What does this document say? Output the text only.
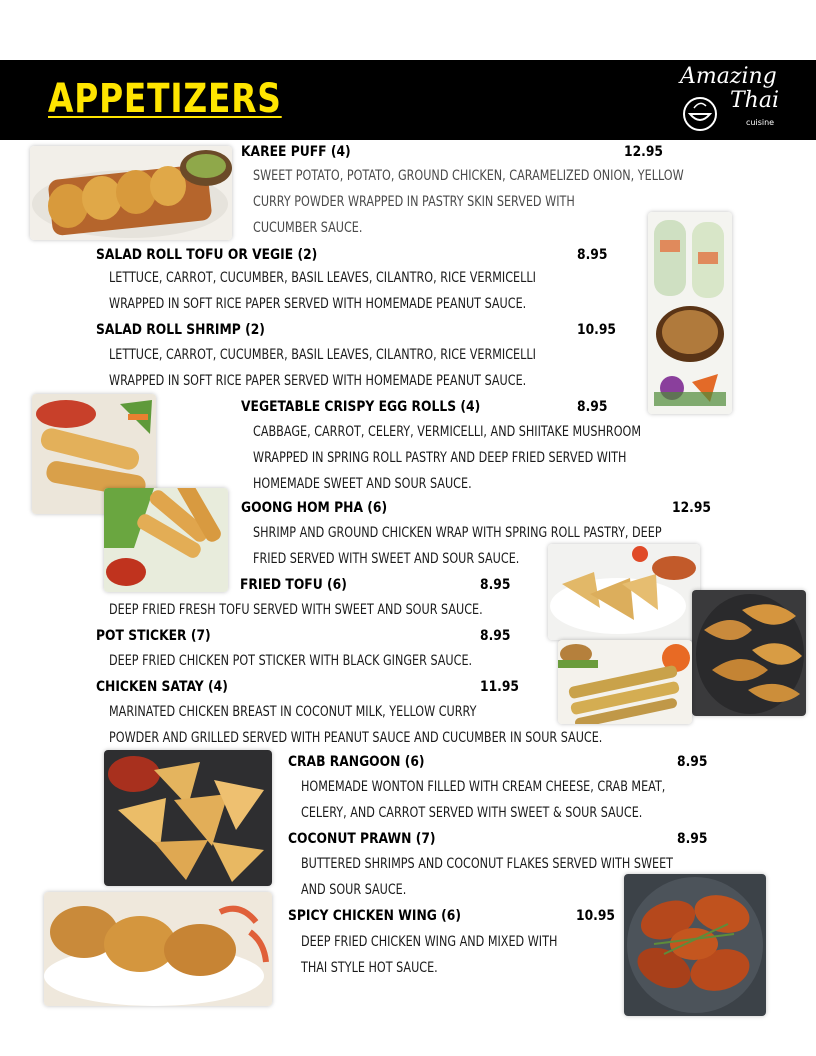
APPETIZERS	Amazing
Thai
cuisine
KAREE PUFF (4)	12.95
SWEET POTATO, POTATO, GROUND CHICKEN, CARAMELIZED ONION, YELLOW
CURRY POWDER WRAPPED IN PASTRY SKIN SERVED WITH
CUCUMBER SAUCE.
SALAD ROLL TOFU OR VEGIE (2)	8.95
LETTUCE, CARROT, CUCUMBER, BASIL LEAVES, CILANTRO, RICE VERMICELLI
WRAPPED IN SOFT RICE PAPER SERVED WITH HOMEMADE PEANUT SAUCE.
SALAD ROLL SHRIMP (2)	10.95
LETTUCE, CARROT, CUCUMBER, BASIL LEAVES, CILANTRO, RICE VERMICELLI
WRAPPED IN SOFT RICE PAPER SERVED WITH HOMEMADE PEANUT SAUCE.
VEGETABLE CRISPY EGG ROLLS (4)	8.95
CABBAGE, CARROT, CELERY, VERMICELLI, AND SHIITAKE MUSHROOM
WRAPPED IN SPRING ROLL PASTRY AND DEEP FRIED SERVED WITH
HOMEMADE SWEET AND SOUR SAUCE.
GOONG HOM PHA (6)	12.95
SHRIMP AND GROUND CHICKEN WRAP WITH SPRING ROLL PASTRY, DEEP
FRIED SERVED WITH SWEET AND SOUR SAUCE.
FRIED TOFU (6)	8.95
DEEP FRIED FRESH TOFU SERVED WITH SWEET AND SOUR SAUCE.
POT STICKER (7)	8.95
DEEP FRIED CHICKEN POT STICKER WITH BLACK GINGER SAUCE.
CHICKEN SATAY (4)	11.95
MARINATED CHICKEN BREAST IN COCONUT MILK, YELLOW CURRY
POWDER AND GRILLED SERVED WITH PEANUT SAUCE AND CUCUMBER IN SOUR SAUCE.
CRAB RANGOON (6)	8.95
HOMEMADE WONTON FILLED WITH CREAM CHEESE, CRAB MEAT,
CELERY, AND CARROT SERVED WITH SWEET & SOUR SAUCE.
COCONUT PRAWN (7)	8.95
BUTTERED SHRIMPS AND COCONUT FLAKES SERVED WITH SWEET
AND SOUR SAUCE.
SPICY CHICKEN WING (6)	10.95
DEEP FRIED CHICKEN WING AND MIXED WITH
THAI STYLE HOT SAUCE.
